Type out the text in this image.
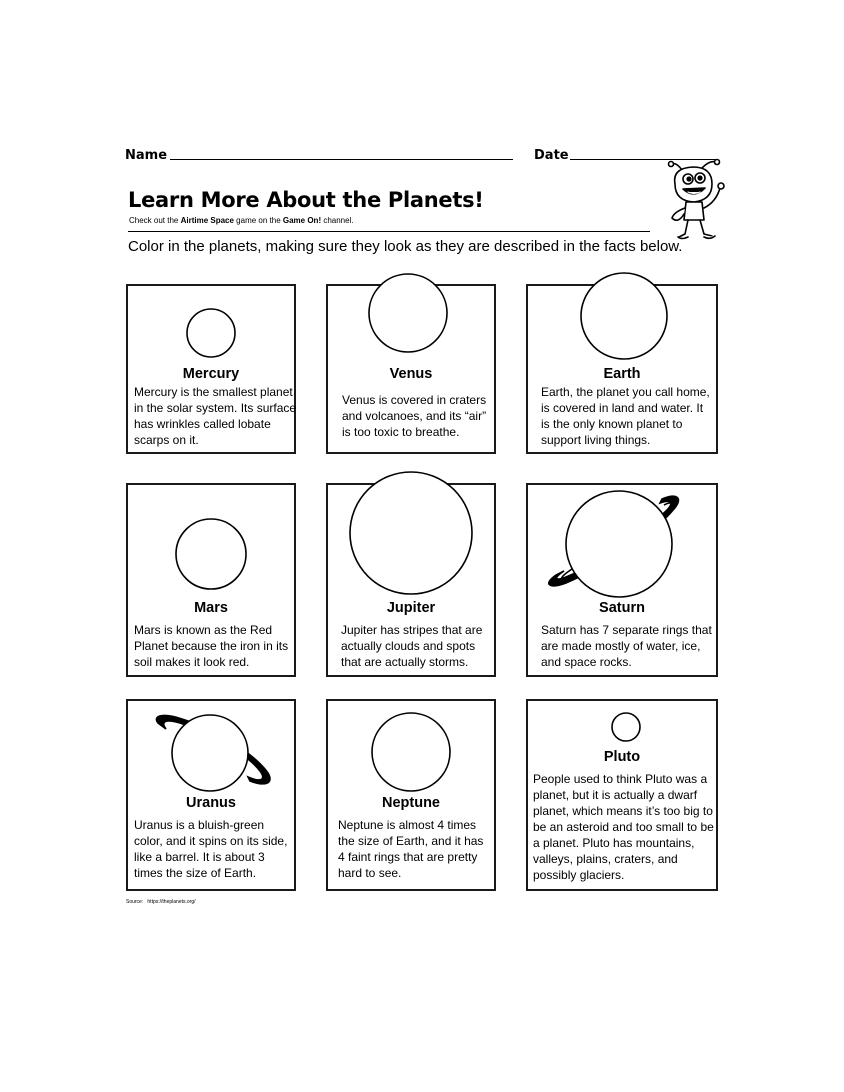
Name	Date
Learn More About the Planets!
Check out the Airtime Space game on the Game On! channel.
Color in the planets, making sure they look as they are described in the facts below.
Mercury
Mercury is the smallest planet
in the solar system. Its surface
has wrinkles called lobate
scarps on it.
Venus
Venus is covered in craters
and volcanoes, and its “air”
is too toxic to breathe.
Earth
Earth, the planet you call home,
is covered in land and water. It
is the only known planet to
support living things.
Mars
Mars is known as the Red
Planet because the iron in its
soil makes it look red.
Jupiter
Jupiter has stripes that are
actually clouds and spots
that are actually storms.
Saturn
Saturn has 7 separate rings that
are made mostly of water, ice,
and space rocks.
Uranus
Uranus is a bluish-green
color, and it spins on its side,
like a barrel. It is about 3
times the size of Earth.
Neptune
Neptune is almost 4 times
the size of Earth, and it has
4 faint rings that are pretty
hard to see.
Pluto
People used to think Pluto was a
planet, but it is actually a dwarf
planet, which means it’s too big to
be an asteroid and too small to be
a planet. Pluto has mountains,
valleys, plains, craters, and
possibly glaciers.
Source: https://theplanets.org/
